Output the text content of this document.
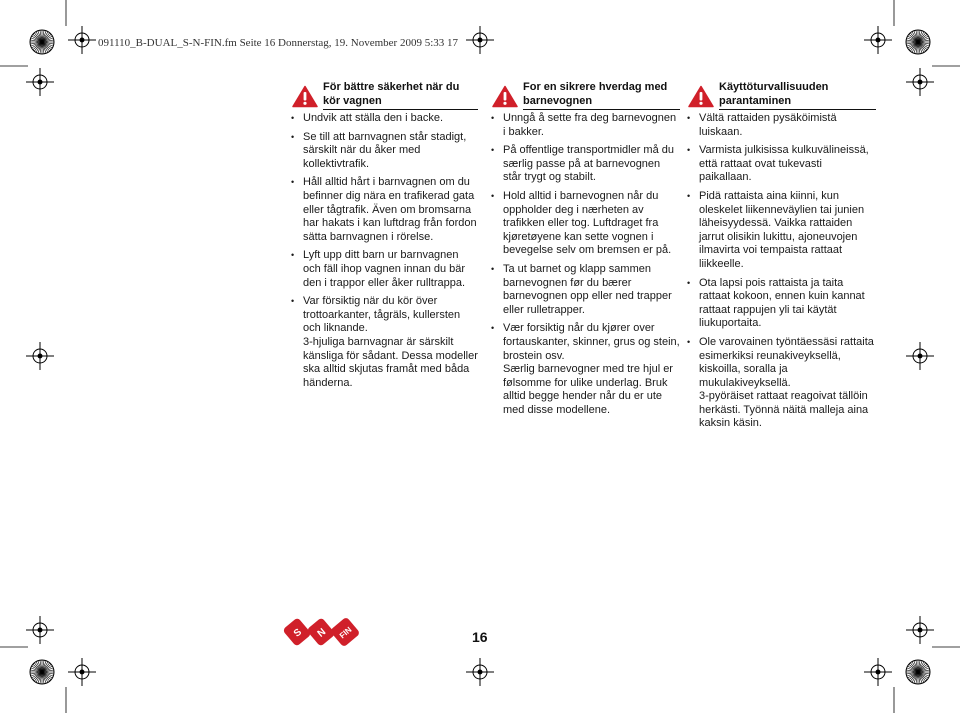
091110_B-DUAL_S-N-FIN.fm Seite 16 Donnerstag, 19. November 2009 5:33 17
För bättre säkerhet när du kör vagnen
• Undvik att ställa den i backe.
• Se till att barnvagnen står stadigt, särskilt när du åker med kollektivtrafik.
• Håll alltid hårt i barnvagnen om du befinner dig nära en trafikerad gata eller tågtrafik. Även om bromsarna har hakats i kan luftdrag från fordon sätta barnvagnen i rörelse.
• Lyft upp ditt barn ur barnvagnen och fäll ihop vagnen innan du bär den i trappor eller åker rulltrappa.
• Var försiktig när du kör över trottoarkanter, tågräls, kullersten och liknande.
3-hjuliga barnvagnar är särskilt känsliga för sådant. Dessa modeller ska alltid skjutas framåt med båda händerna.
For en sikrere hverdag med barnevognen
• Unngå å sette fra deg barnevognen i bakker.
• På offentlige transportmidler må du særlig passe på at barnevognen står trygt og stabilt.
• Hold alltid i barnevognen når du oppholder deg i nærheten av trafikken eller tog. Luftdraget fra kjøretøyene kan sette vognen i bevegelse selv om bremsen er på.
• Ta ut barnet og klapp sammen barnevognen før du bærer barnevognen opp eller ned trapper eller rulletrapper.
• Vær forsiktig når du kjører over fortauskanter, skinner, grus og stein, brostein osv.
Særlig barnevogner med tre hjul er følsomme for ulike underlag. Bruk alltid begge hender når du er ute med disse modellene.
Käyttöturvallisuuden parantaminen
• Vältä rattaiden pysäköimistä luiskaan.
• Varmista julkisissa kulkuvälineissä, että rattaat ovat tukevasti paikallaan.
• Pidä rattaista aina kiinni, kun oleskelet liikenneväylien tai junien läheisyydessä. Vaikka rattaiden jarrut olisikin lukittu, ajoneuvojen ilmavirta voi tempaista rattaat liikkeelle.
• Ota lapsi pois rattaista ja taita rattaat kokoon, ennen kuin kannat rattaat rappujen yli tai käytät liukuportaita.
• Ole varovainen työntäessäsi rattaita esimerkiksi reunakiveyksellä, kiskoilla, soralla ja mukulakiveyksellä.
3-pyöräiset rattaat reagoivat tällöin herkästi. Työnnä näitä malleja aina kaksin käsin.
S N FIN	16
